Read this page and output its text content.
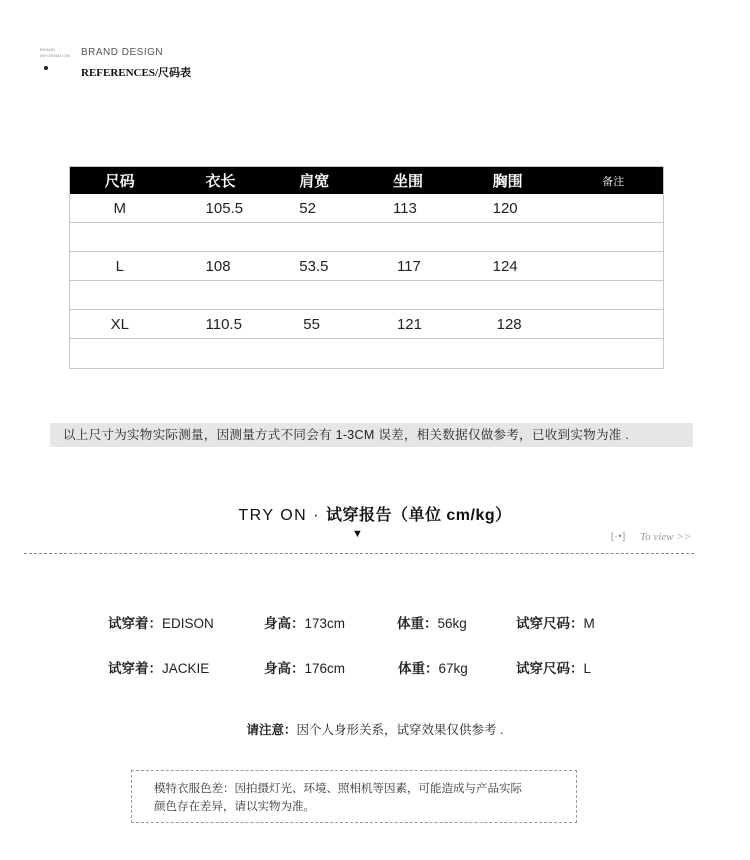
BRAND
INFORMATION BRAND DESIGN
REFERENCES/尺码表
尺码	衣长	肩宽	坐围	胸围	备注
M	105.5	52	113	120
L	108	53.5	117	124
XL	110.5	55	121	128
以上尺寸为实物实际测量，因测量方式不同会有 1-3CM 误差，相关数据仅做参考，已收到实物为准 .
TRY ON · 试穿报告（单位 cm/kg）
▼	[·•] To view >>
试穿着：EDISON	身高：173cm	体重：56kg	试穿尺码：M
试穿着：JACKIE	身高：176cm	体重：67kg	试穿尺码：L
请注意：因个人身形关系，试穿效果仅供参考 .
模特衣服色差：因拍摄灯光、环境、照相机等因素，可能造成与产品实际
颜色存在差异，请以实物为准。
